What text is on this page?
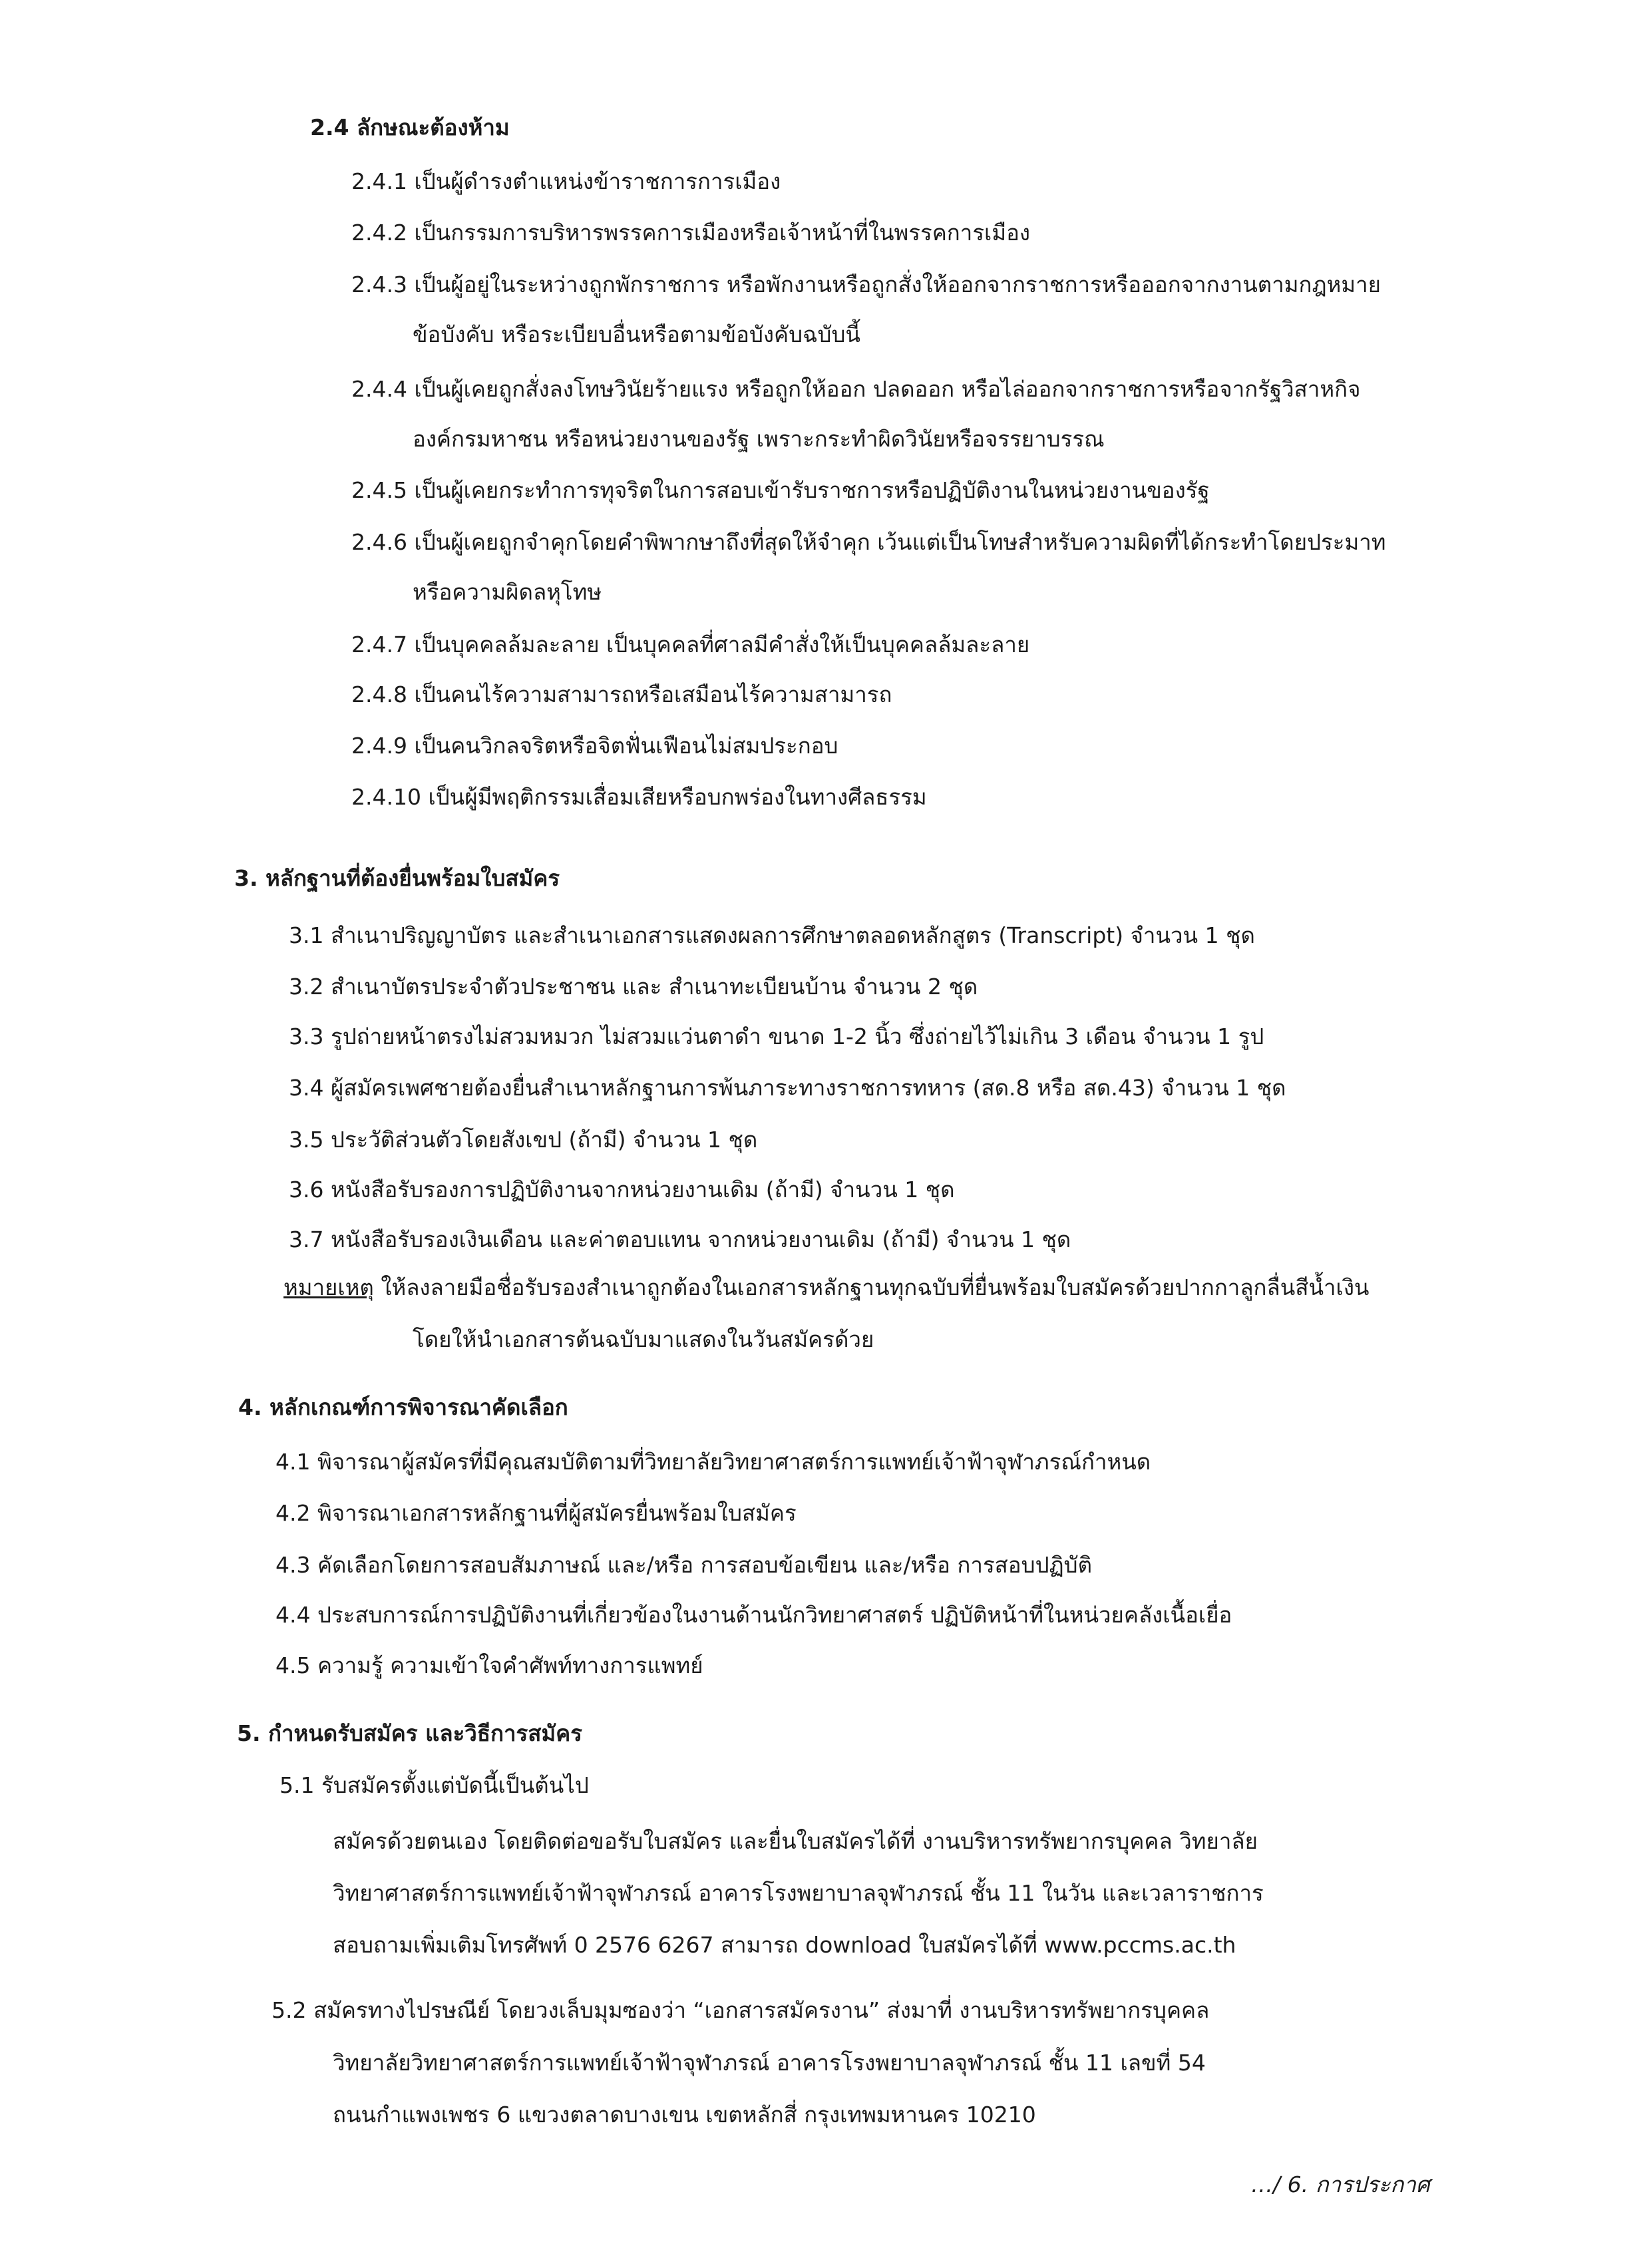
2.4 ลักษณะต้องห้าม
2.4.1 เป็นผู้ดำรงตำแหน่งข้าราชการการเมือง
2.4.2 เป็นกรรมการบริหารพรรคการเมืองหรือเจ้าหน้าที่ในพรรคการเมือง
2.4.3 เป็นผู้อยู่ในระหว่างถูกพักราชการ หรือพักงานหรือถูกสั่งให้ออกจากราชการหรือออกจากงานตามกฎหมาย
ข้อบังคับ หรือระเบียบอื่นหรือตามข้อบังคับฉบับนี้
2.4.4 เป็นผู้เคยถูกสั่งลงโทษวินัยร้ายแรง หรือถูกให้ออก ปลดออก หรือไล่ออกจากราชการหรือจากรัฐวิสาหกิจ
องค์กรมหาชน หรือหน่วยงานของรัฐ เพราะกระทำผิดวินัยหรือจรรยาบรรณ
2.4.5 เป็นผู้เคยกระทำการทุจริตในการสอบเข้ารับราชการหรือปฏิบัติงานในหน่วยงานของรัฐ
2.4.6 เป็นผู้เคยถูกจำคุกโดยคำพิพากษาถึงที่สุดให้จำคุก เว้นแต่เป็นโทษสำหรับความผิดที่ได้กระทำโดยประมาท
หรือความผิดลหุโทษ
2.4.7 เป็นบุคคลล้มละลาย เป็นบุคคลที่ศาลมีคำสั่งให้เป็นบุคคลล้มละลาย
2.4.8 เป็นคนไร้ความสามารถหรือเสมือนไร้ความสามารถ
2.4.9 เป็นคนวิกลจริตหรือจิตฟั่นเฟือนไม่สมประกอบ
2.4.10 เป็นผู้มีพฤติกรรมเสื่อมเสียหรือบกพร่องในทางศีลธรรม
3. หลักฐานที่ต้องยื่นพร้อมใบสมัคร
3.1 สำเนาปริญญาบัตร และสำเนาเอกสารแสดงผลการศึกษาตลอดหลักสูตร (Transcript) จำนวน 1 ชุด
3.2 สำเนาบัตรประจำตัวประชาชน และ สำเนาทะเบียนบ้าน จำนวน 2 ชุด
3.3 รูปถ่ายหน้าตรงไม่สวมหมวก ไม่สวมแว่นตาดำ ขนาด 1-2 นิ้ว ซึ่งถ่ายไว้ไม่เกิน 3 เดือน จำนวน 1 รูป
3.4 ผู้สมัครเพศชายต้องยื่นสำเนาหลักฐานการพ้นภาระทางราชการทหาร (สด.8 หรือ สด.43) จำนวน 1 ชุด
3.5 ประวัติส่วนตัวโดยสังเขป (ถ้ามี) จำนวน 1 ชุด
3.6 หนังสือรับรองการปฏิบัติงานจากหน่วยงานเดิม (ถ้ามี) จำนวน 1 ชุด
3.7 หนังสือรับรองเงินเดือน และค่าตอบแทน จากหน่วยงานเดิม (ถ้ามี) จำนวน 1 ชุด
หมายเหตุ ให้ลงลายมือชื่อรับรองสำเนาถูกต้องในเอกสารหลักฐานทุกฉบับที่ยื่นพร้อมใบสมัครด้วยปากกาลูกลื่นสีน้ำเงิน
โดยให้นำเอกสารต้นฉบับมาแสดงในวันสมัครด้วย
4. หลักเกณฑ์การพิจารณาคัดเลือก
4.1 พิจารณาผู้สมัครที่มีคุณสมบัติตามที่วิทยาลัยวิทยาศาสตร์การแพทย์เจ้าฟ้าจุฬาภรณ์กำหนด
4.2 พิจารณาเอกสารหลักฐานที่ผู้สมัครยื่นพร้อมใบสมัคร
4.3 คัดเลือกโดยการสอบสัมภาษณ์ และ/หรือ การสอบข้อเขียน และ/หรือ การสอบปฏิบัติ
4.4 ประสบการณ์การปฏิบัติงานที่เกี่ยวข้องในงานด้านนักวิทยาศาสตร์ ปฏิบัติหน้าที่ในหน่วยคลังเนื้อเยื่อ
4.5 ความรู้ ความเข้าใจคำศัพท์ทางการแพทย์
5. กำหนดรับสมัคร และวิธีการสมัคร
5.1 รับสมัครตั้งแต่บัดนี้เป็นต้นไป
สมัครด้วยตนเอง โดยติดต่อขอรับใบสมัคร และยื่นใบสมัครได้ที่ งานบริหารทรัพยากรบุคคล วิทยาลัย
วิทยาศาสตร์การแพทย์เจ้าฟ้าจุฬาภรณ์ อาคารโรงพยาบาลจุฬาภรณ์ ชั้น 11 ในวัน และเวลาราชการ
สอบถามเพิ่มเติมโทรศัพท์ 0 2576 6267 สามารถ download ใบสมัครได้ที่ www.pccms.ac.th
5.2 สมัครทางไปรษณีย์ โดยวงเล็บมุมซองว่า “เอกสารสมัครงาน” ส่งมาที่ งานบริหารทรัพยากรบุคคล
วิทยาลัยวิทยาศาสตร์การแพทย์เจ้าฟ้าจุฬาภรณ์ อาคารโรงพยาบาลจุฬาภรณ์ ชั้น 11 เลขที่ 54
ถนนกำแพงเพชร 6 แขวงตลาดบางเขน เขตหลักสี่ กรุงเทพมหานคร 10210
…/ 6. การประกาศ
